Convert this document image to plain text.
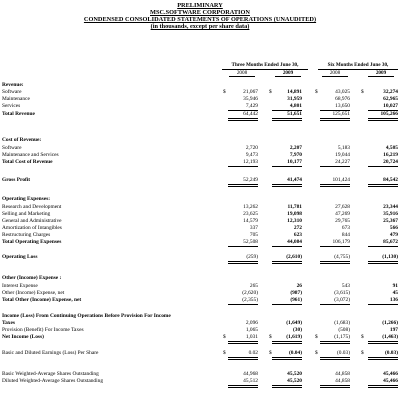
PRELIMINARY
MSC.SOFTWARE CORPORATION
CONDENSED CONSOLIDATED STATEMENTS OF OPERATIONS (UNAUDITED)
(in thousands, except per share data)
Three Months Ended June 30,	Six Months Ended June 30,
2008	2009	2008	2009
Revenue:
Software	$	21,067 $	14,891 $	43,025 $	32,274
Maintenance	35,946	31,959	68,976	62,965
Services	7,429	4,801	13,650	10,027
Total Revenue	64,442	51,651	125,651	105,266
Cost of Revenue:
Software	2,720	2,207	5,183	4,505
Maintenance and Services	9,473	7,970	19,044	16,219
Total Cost of Revenue	12,193	10,177	24,227	20,724
Gross Profit	52,249	41,474	101,424	84,542
Operating Expenses:
Research and Development	13,262	11,781	27,628	23,344
Selling and Marketing	23,625	19,098	47,269	35,916
General and Administrative	14,579	12,310	29,765	25,367
Amortization of Intangibles	337	272	673	566
Restructuring Charges	705	623	844	479
Total Operating Expenses	52,508	44,084	106,179	85,672
Operating Loss	(259)	(2,610)	(4,755)	(1,130)
Other (Income) Expense :
Interest Expense	265	26	543	91
Other (Income) Expense, net	(2,620)	(987)	(3,615)	45
Total Other (Income) Expense, net	(2,355)	(961)	(3,072)	136
Income (Loss) From Continuing Operations Before Provision For Income
Taxes	2,096	(1,649)	(1,683)	(1,266)
Provision (Benefit) For Income Taxes	1,065	(30)	(508)	197
Net Income (Loss)	$	1,031 $	(1,619) $	(1,175) $	(1,463)
Basic and Diluted Earnings (Loss) Per Share	$	0.02 $	(0.04) $	(0.03) $	(0.03)
Basic Weighted-Average Shares Outstanding	44,968	45,520	44,858	45,466
Diluted Weighted-Average Shares Outstanding	45,512	45,520	44,858	45,466
